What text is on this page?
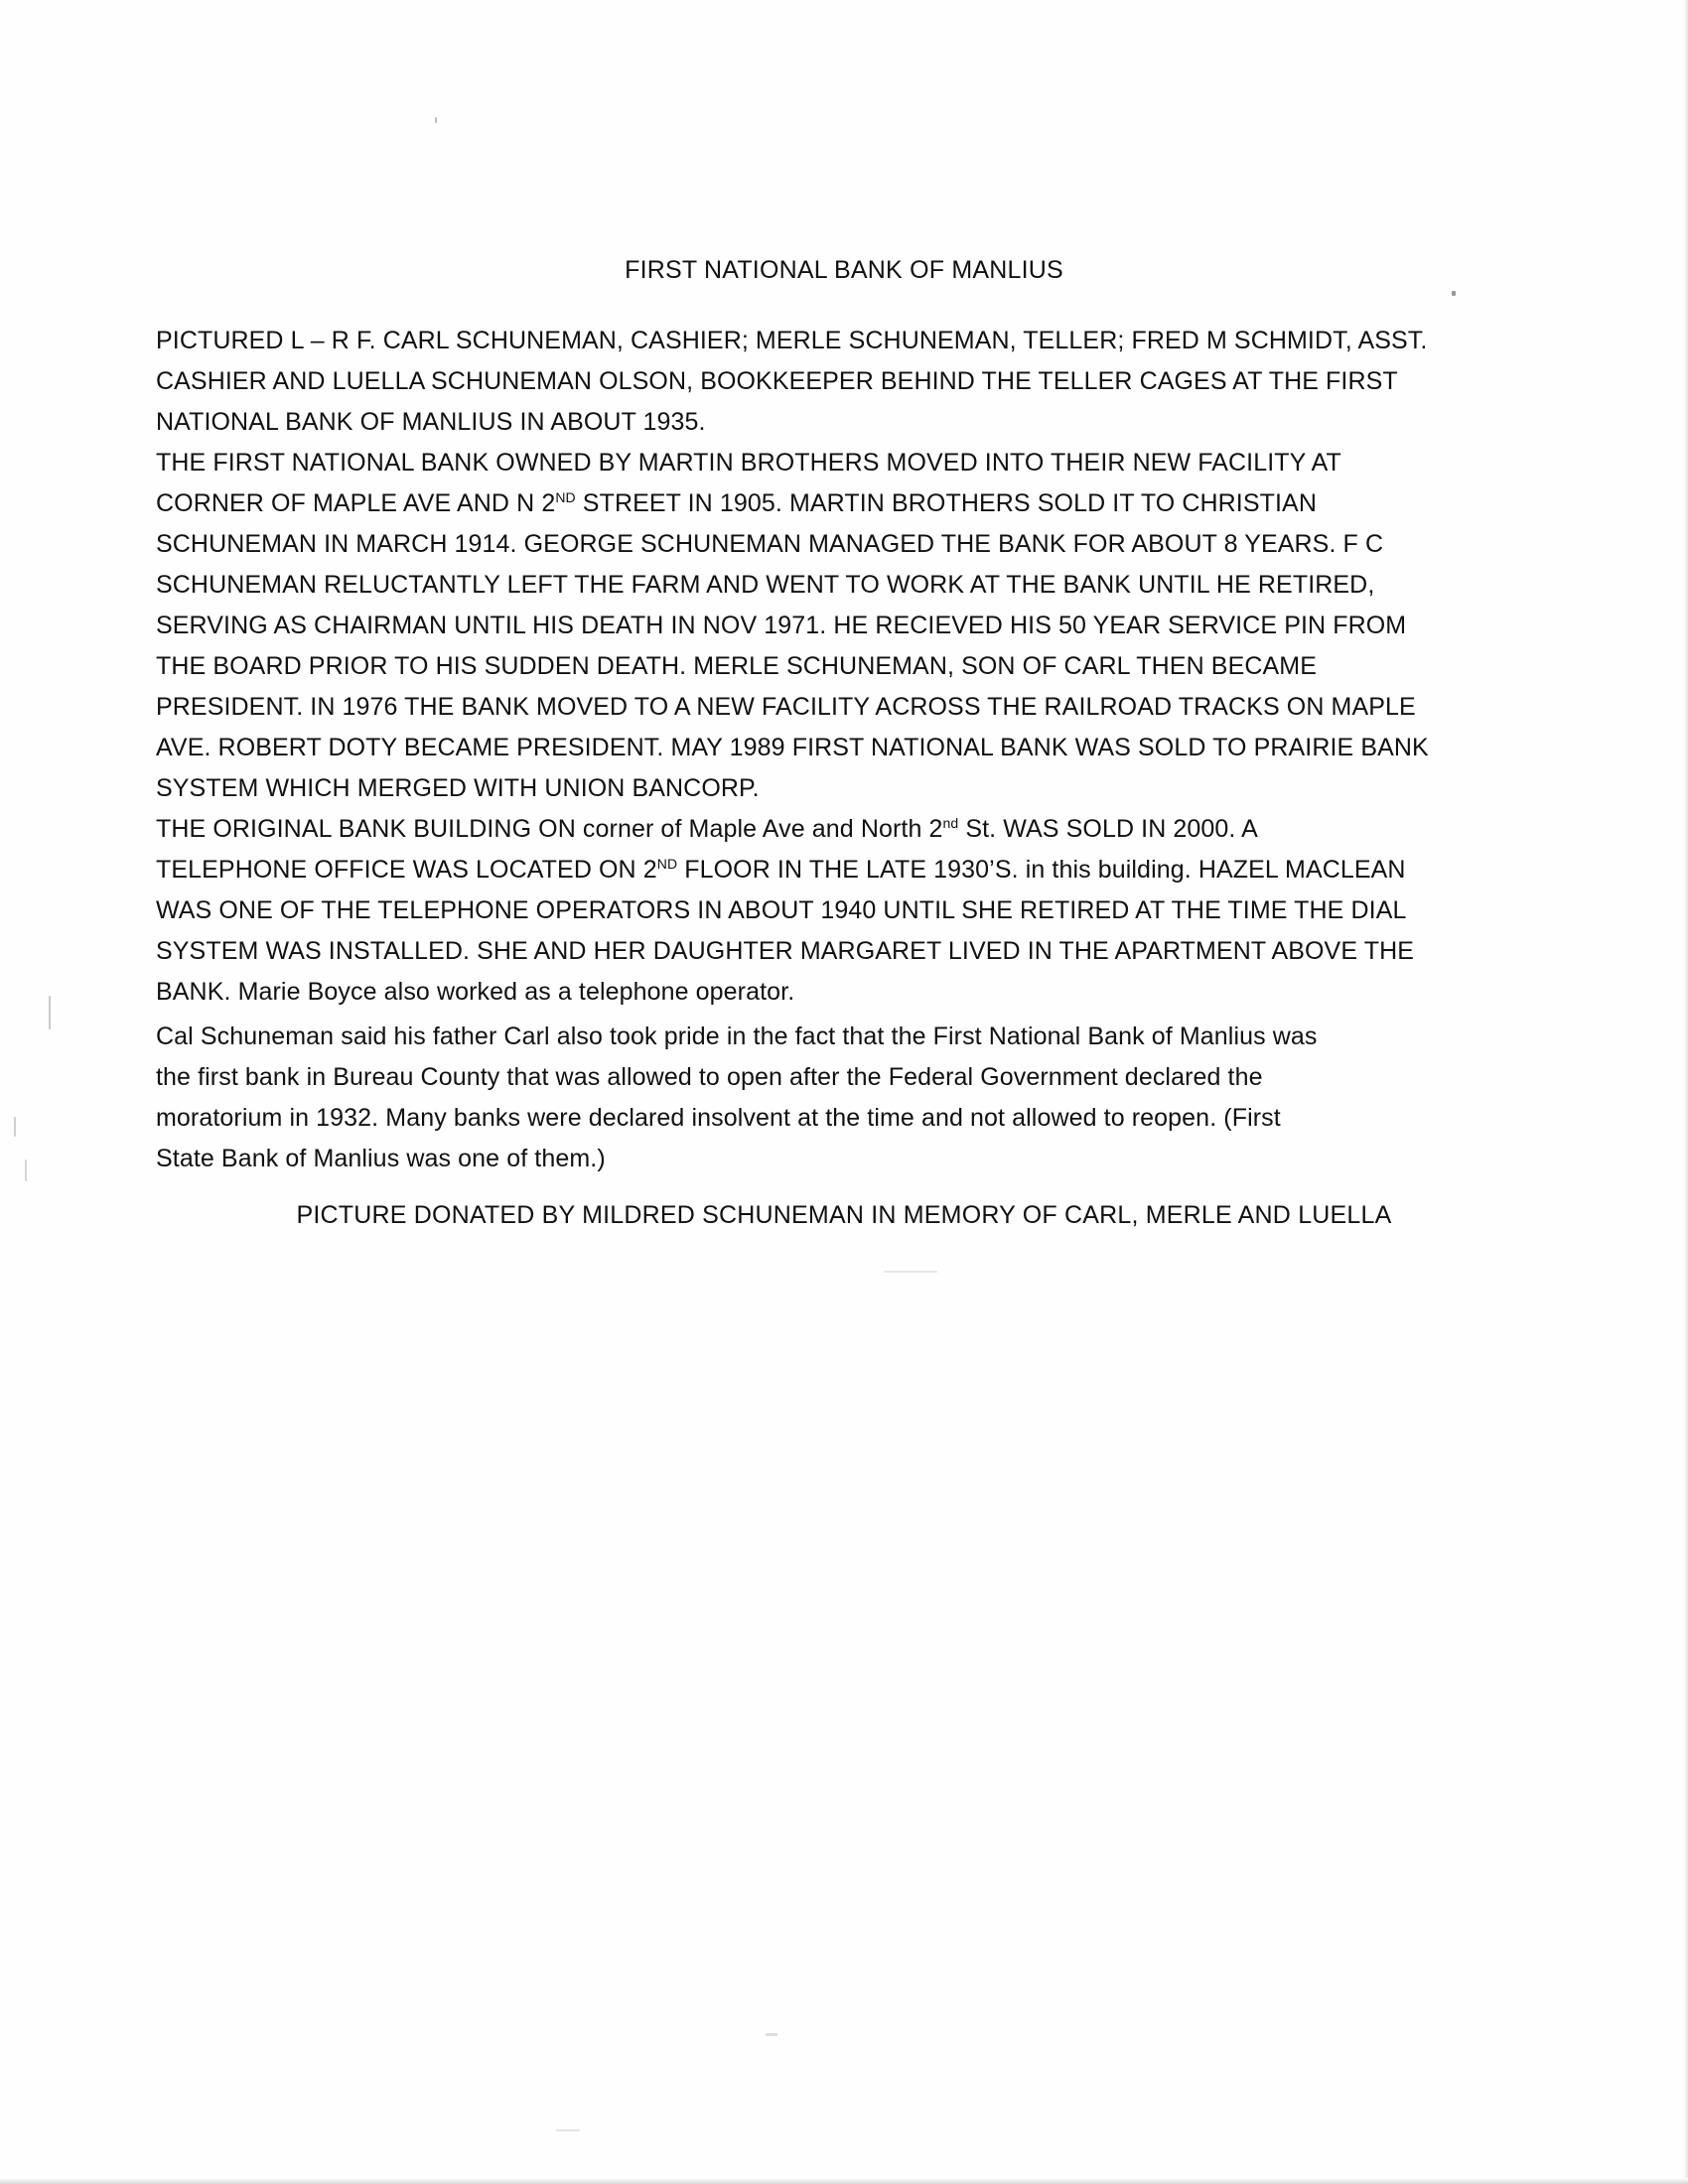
FIRST NATIONAL BANK OF MANLIUS
PICTURED L – R F. CARL SCHUNEMAN, CASHIER; MERLE SCHUNEMAN, TELLER; FRED M SCHMIDT, ASST.
CASHIER AND LUELLA SCHUNEMAN OLSON, BOOKKEEPER BEHIND THE TELLER CAGES AT THE FIRST
NATIONAL BANK OF MANLIUS IN ABOUT 1935.
THE FIRST NATIONAL BANK OWNED BY MARTIN BROTHERS MOVED INTO THEIR NEW FACILITY AT
CORNER OF MAPLE AVE AND N 2ND STREET IN 1905. MARTIN BROTHERS SOLD IT TO CHRISTIAN
SCHUNEMAN IN MARCH 1914. GEORGE SCHUNEMAN MANAGED THE BANK FOR ABOUT 8 YEARS. F C
SCHUNEMAN RELUCTANTLY LEFT THE FARM AND WENT TO WORK AT THE BANK UNTIL HE RETIRED,
SERVING AS CHAIRMAN UNTIL HIS DEATH IN NOV 1971. HE RECIEVED HIS 50 YEAR SERVICE PIN FROM
THE BOARD PRIOR TO HIS SUDDEN DEATH. MERLE SCHUNEMAN, SON OF CARL THEN BECAME
PRESIDENT. IN 1976 THE BANK MOVED TO A NEW FACILITY ACROSS THE RAILROAD TRACKS ON MAPLE
AVE. ROBERT DOTY BECAME PRESIDENT. MAY 1989 FIRST NATIONAL BANK WAS SOLD TO PRAIRIE BANK
SYSTEM WHICH MERGED WITH UNION BANCORP.
THE ORIGINAL BANK BUILDING ON corner of Maple Ave and North 2nd St. WAS SOLD IN 2000. A
TELEPHONE OFFICE WAS LOCATED ON 2ND FLOOR IN THE LATE 1930’S. in this building. HAZEL MACLEAN
WAS ONE OF THE TELEPHONE OPERATORS IN ABOUT 1940 UNTIL SHE RETIRED AT THE TIME THE DIAL
SYSTEM WAS INSTALLED. SHE AND HER DAUGHTER MARGARET LIVED IN THE APARTMENT ABOVE THE
BANK. Marie Boyce also worked as a telephone operator.
Cal Schuneman said his father Carl also took pride in the fact that the First National Bank of Manlius was
the first bank in Bureau County that was allowed to open after the Federal Government declared the
moratorium in 1932. Many banks were declared insolvent at the time and not allowed to reopen. (First
State Bank of Manlius was one of them.)
PICTURE DONATED BY MILDRED SCHUNEMAN IN MEMORY OF CARL, MERLE AND LUELLA
